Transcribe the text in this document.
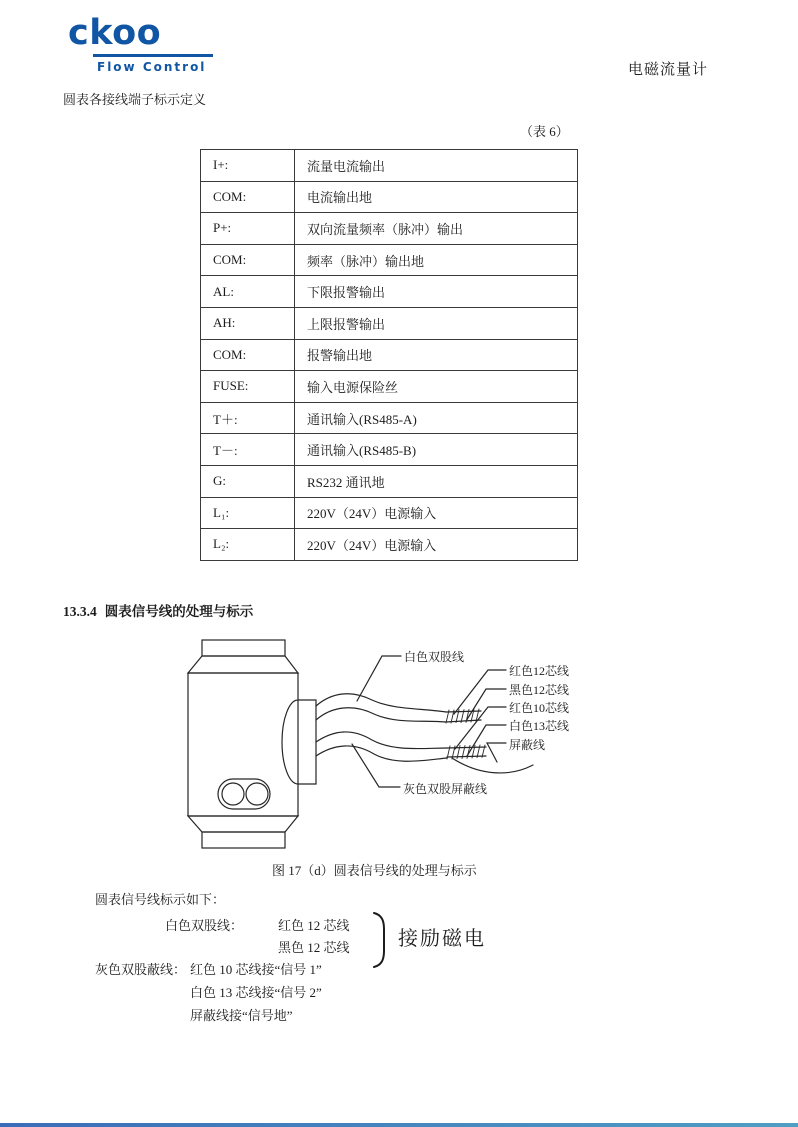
ckoo
Flow Control	电磁流量计
圆表各接线端子标示定义
（表 6）
I+:	流量电流输出
COM:	电流输出地
P+:	双向流量频率（脉冲）输出
COM:	频率（脉冲）输出地
AL:	下限报警输出
AH:	上限报警输出
COM:	报警输出地
FUSE:	输入电源保险丝
T＋:	通讯输入(RS485-A)
T－:	通讯输入(RS485-B)
G:	RS232 通讯地
L₁:	220V（24V）电源输入
L₂:	220V（24V）电源输入
13.3.4 圆表信号线的处理与标示
白色双股线
红色12芯线
黑色12芯线
红色10芯线
白色13芯线
屏蔽线
灰色双股屏蔽线
图 17（d）圆表信号线的处理与标示
圆表信号线标示如下：
白色双股线：	红色 12 芯线
黑色 12 芯线 接励磁电
灰色双股蔽线： 红色 10 芯线接“信号 1”
白色 13 芯线接“信号 2”
屏蔽线接“信号地”
